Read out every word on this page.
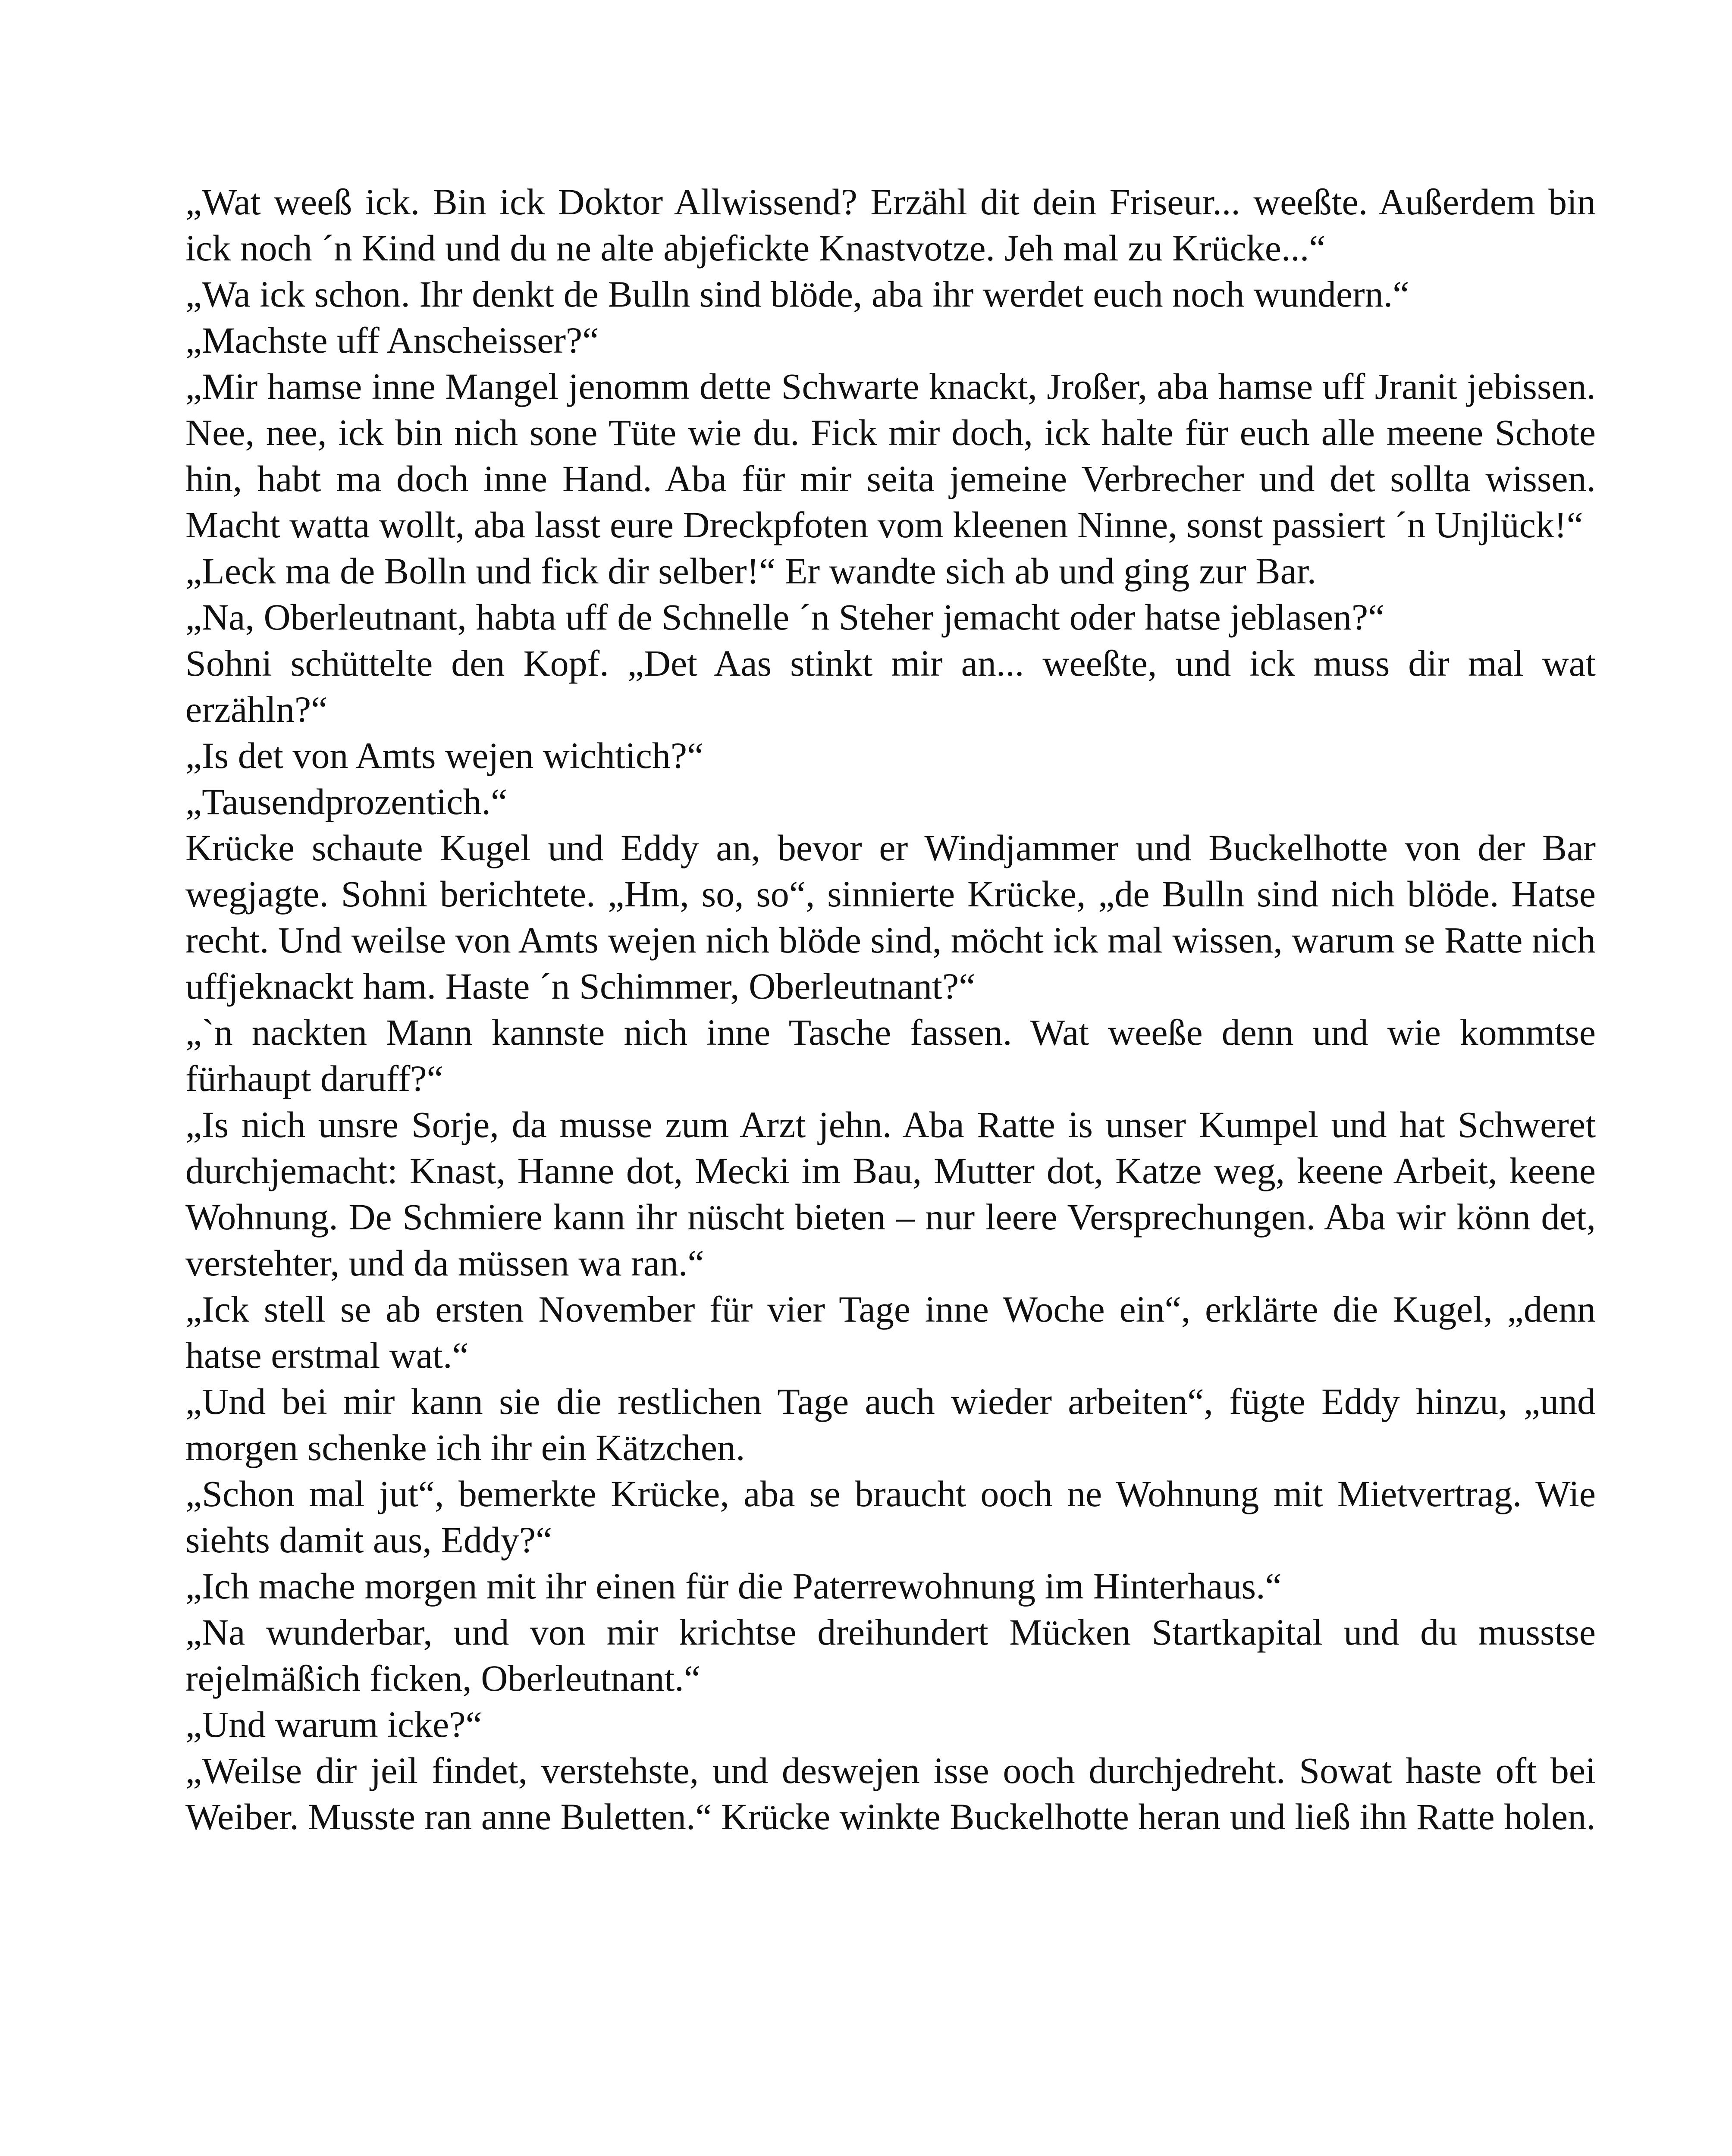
„Wat weeß ick. Bin ick Doktor Allwissend? Erzähl dit dein Friseur... weeßte. Außerdem bin ick noch ´n Kind und du ne alte abjefickte Knastvotze. Jeh mal zu Krücke...“

„Wa ick schon. Ihr denkt de Bulln sind blöde, aba ihr werdet euch noch wundern.“

„Machste uff Anscheisser?“

„Mir hamse inne Mangel jenomm dette Schwarte knackt, Jroßer, aba hamse uff Jranit jebissen. Nee, nee, ick bin nich sone Tüte wie du. Fick mir doch, ick halte für euch alle meene Schote hin, habt ma doch inne Hand. Aba für mir seita jemeine Verbrecher und det sollta wissen. Macht watta wollt, aba lasst eure Dreckpfoten vom kleenen Ninne, sonst passiert ´n Unjlück!“

„Leck ma de Bolln und fick dir selber!“ Er wandte sich ab und ging zur Bar.

„Na, Oberleutnant, habta uff de Schnelle ´n Steher jemacht oder hatse jeblasen?“

Sohni schüttelte den Kopf. „Det Aas stinkt mir an... weeßte, und ick muss dir mal wat erzähln?“

„Is det von Amts wejen wichtich?“

„Tausendprozentich.“

Krücke schaute Kugel und Eddy an, bevor er Windjammer und Buckelhotte von der Bar wegjagte. Sohni berichtete. „Hm, so, so“, sinnierte Krücke, „de Bulln sind nich blöde. Hatse recht. Und weilse von Amts wejen nich blöde sind, möcht ick mal wissen, warum se Ratte nich uffjeknackt ham. Haste ´n Schimmer, Oberleutnant?“

„`n nackten Mann kannste nich inne Tasche fassen. Wat weeße denn und wie kommtse fürhaupt daruff?“

„Is nich unsre Sorje, da musse zum Arzt jehn. Aba Ratte is unser Kumpel und hat Schweret durchjemacht: Knast, Hanne dot, Mecki im Bau, Mutter dot, Katze weg, keene Arbeit, keene Wohnung. De Schmiere kann ihr nüscht bieten – nur leere Versprechungen. Aba wir könn det, verstehter, und da müssen wa ran.“

„Ick stell se ab ersten November für vier Tage inne Woche ein“, erklärte die Kugel, „denn hatse erstmal wat.“

„Und bei mir kann sie die restlichen Tage auch wieder arbeiten“, fügte Eddy hinzu, „und morgen schenke ich ihr ein Kätzchen.

„Schon mal jut“, bemerkte Krücke, aba se braucht ooch ne Wohnung mit Mietvertrag. Wie siehts damit aus, Eddy?“

„Ich mache morgen mit ihr einen für die Paterrewohnung im Hinterhaus.“

„Na wunderbar, und von mir krichtse dreihundert Mücken Startkapital und du musstse rejelmäßich ficken, Oberleutnant.“

„Und warum icke?“

„Weilse dir jeil findet, verstehste, und deswejen isse ooch durchjedreht. Sowat haste oft bei Weiber. Musste ran anne Buletten.“ Krücke winkte Buckelhotte heran und ließ ihn Ratte holen.
